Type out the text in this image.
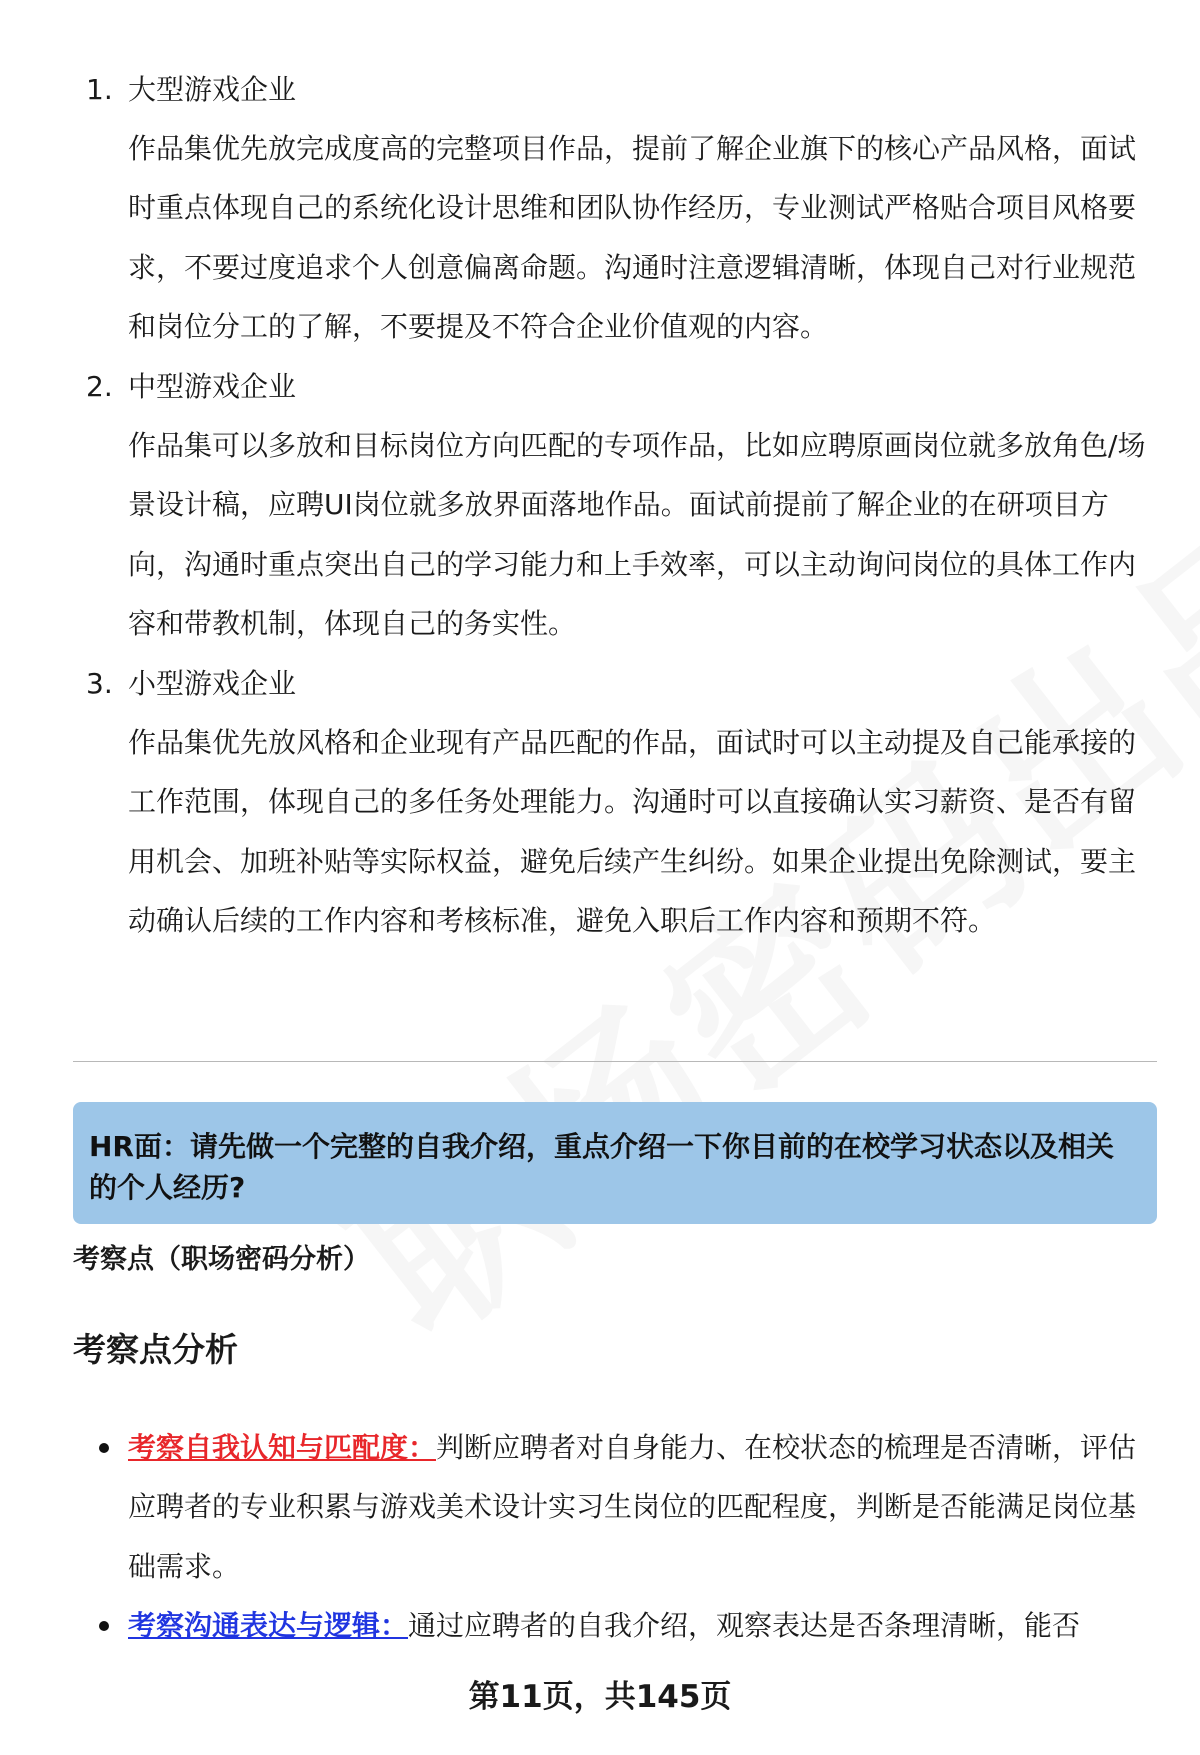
1. 大型游戏企业
作品集优先放完成度高的完整项目作品，提前了解企业旗下的核心产品风格，面试时重点体现自己的系统化设计思维和团队协作经历，专业测试严格贴合项目风格要求，不要过度追求个人创意偏离命题。沟通时注意逻辑清晰，体现自己对行业规范和岗位分工的了解，不要提及不符合企业价值观的内容。
2. 中型游戏企业
作品集可以多放和目标岗位方向匹配的专项作品，比如应聘原画岗位就多放角色/场景设计稿，应聘UI岗位就多放界面落地作品。面试前提前了解企业的在研项目方向，沟通时重点突出自己的学习能力和上手效率，可以主动询问岗位的具体工作内容和带教机制，体现自己的务实性。
3. 小型游戏企业
作品集优先放风格和企业现有产品匹配的作品，面试时可以主动提及自己能承接的工作范围，体现自己的多任务处理能力。沟通时可以直接确认实习薪资、是否有留用机会、加班补贴等实际权益，避免后续产生纠纷。如果企业提出免除测试，要主动确认后续的工作内容和考核标准，避免入职后工作内容和预期不符。
HR面：请先做一个完整的自我介绍，重点介绍一下你目前的在校学习状态以及相关的个人经历?
考察点（职场密码分析）
考察点分析
考察自我认知与匹配度：判断应聘者对自身能力、在校状态的梳理是否清晰，评估应聘者的专业积累与游戏美术设计实习生岗位的匹配程度，判断是否能满足岗位基础需求。
考察沟通表达与逻辑：通过应聘者的自我介绍，观察表达是否条理清晰，能否
第11页，共145页
